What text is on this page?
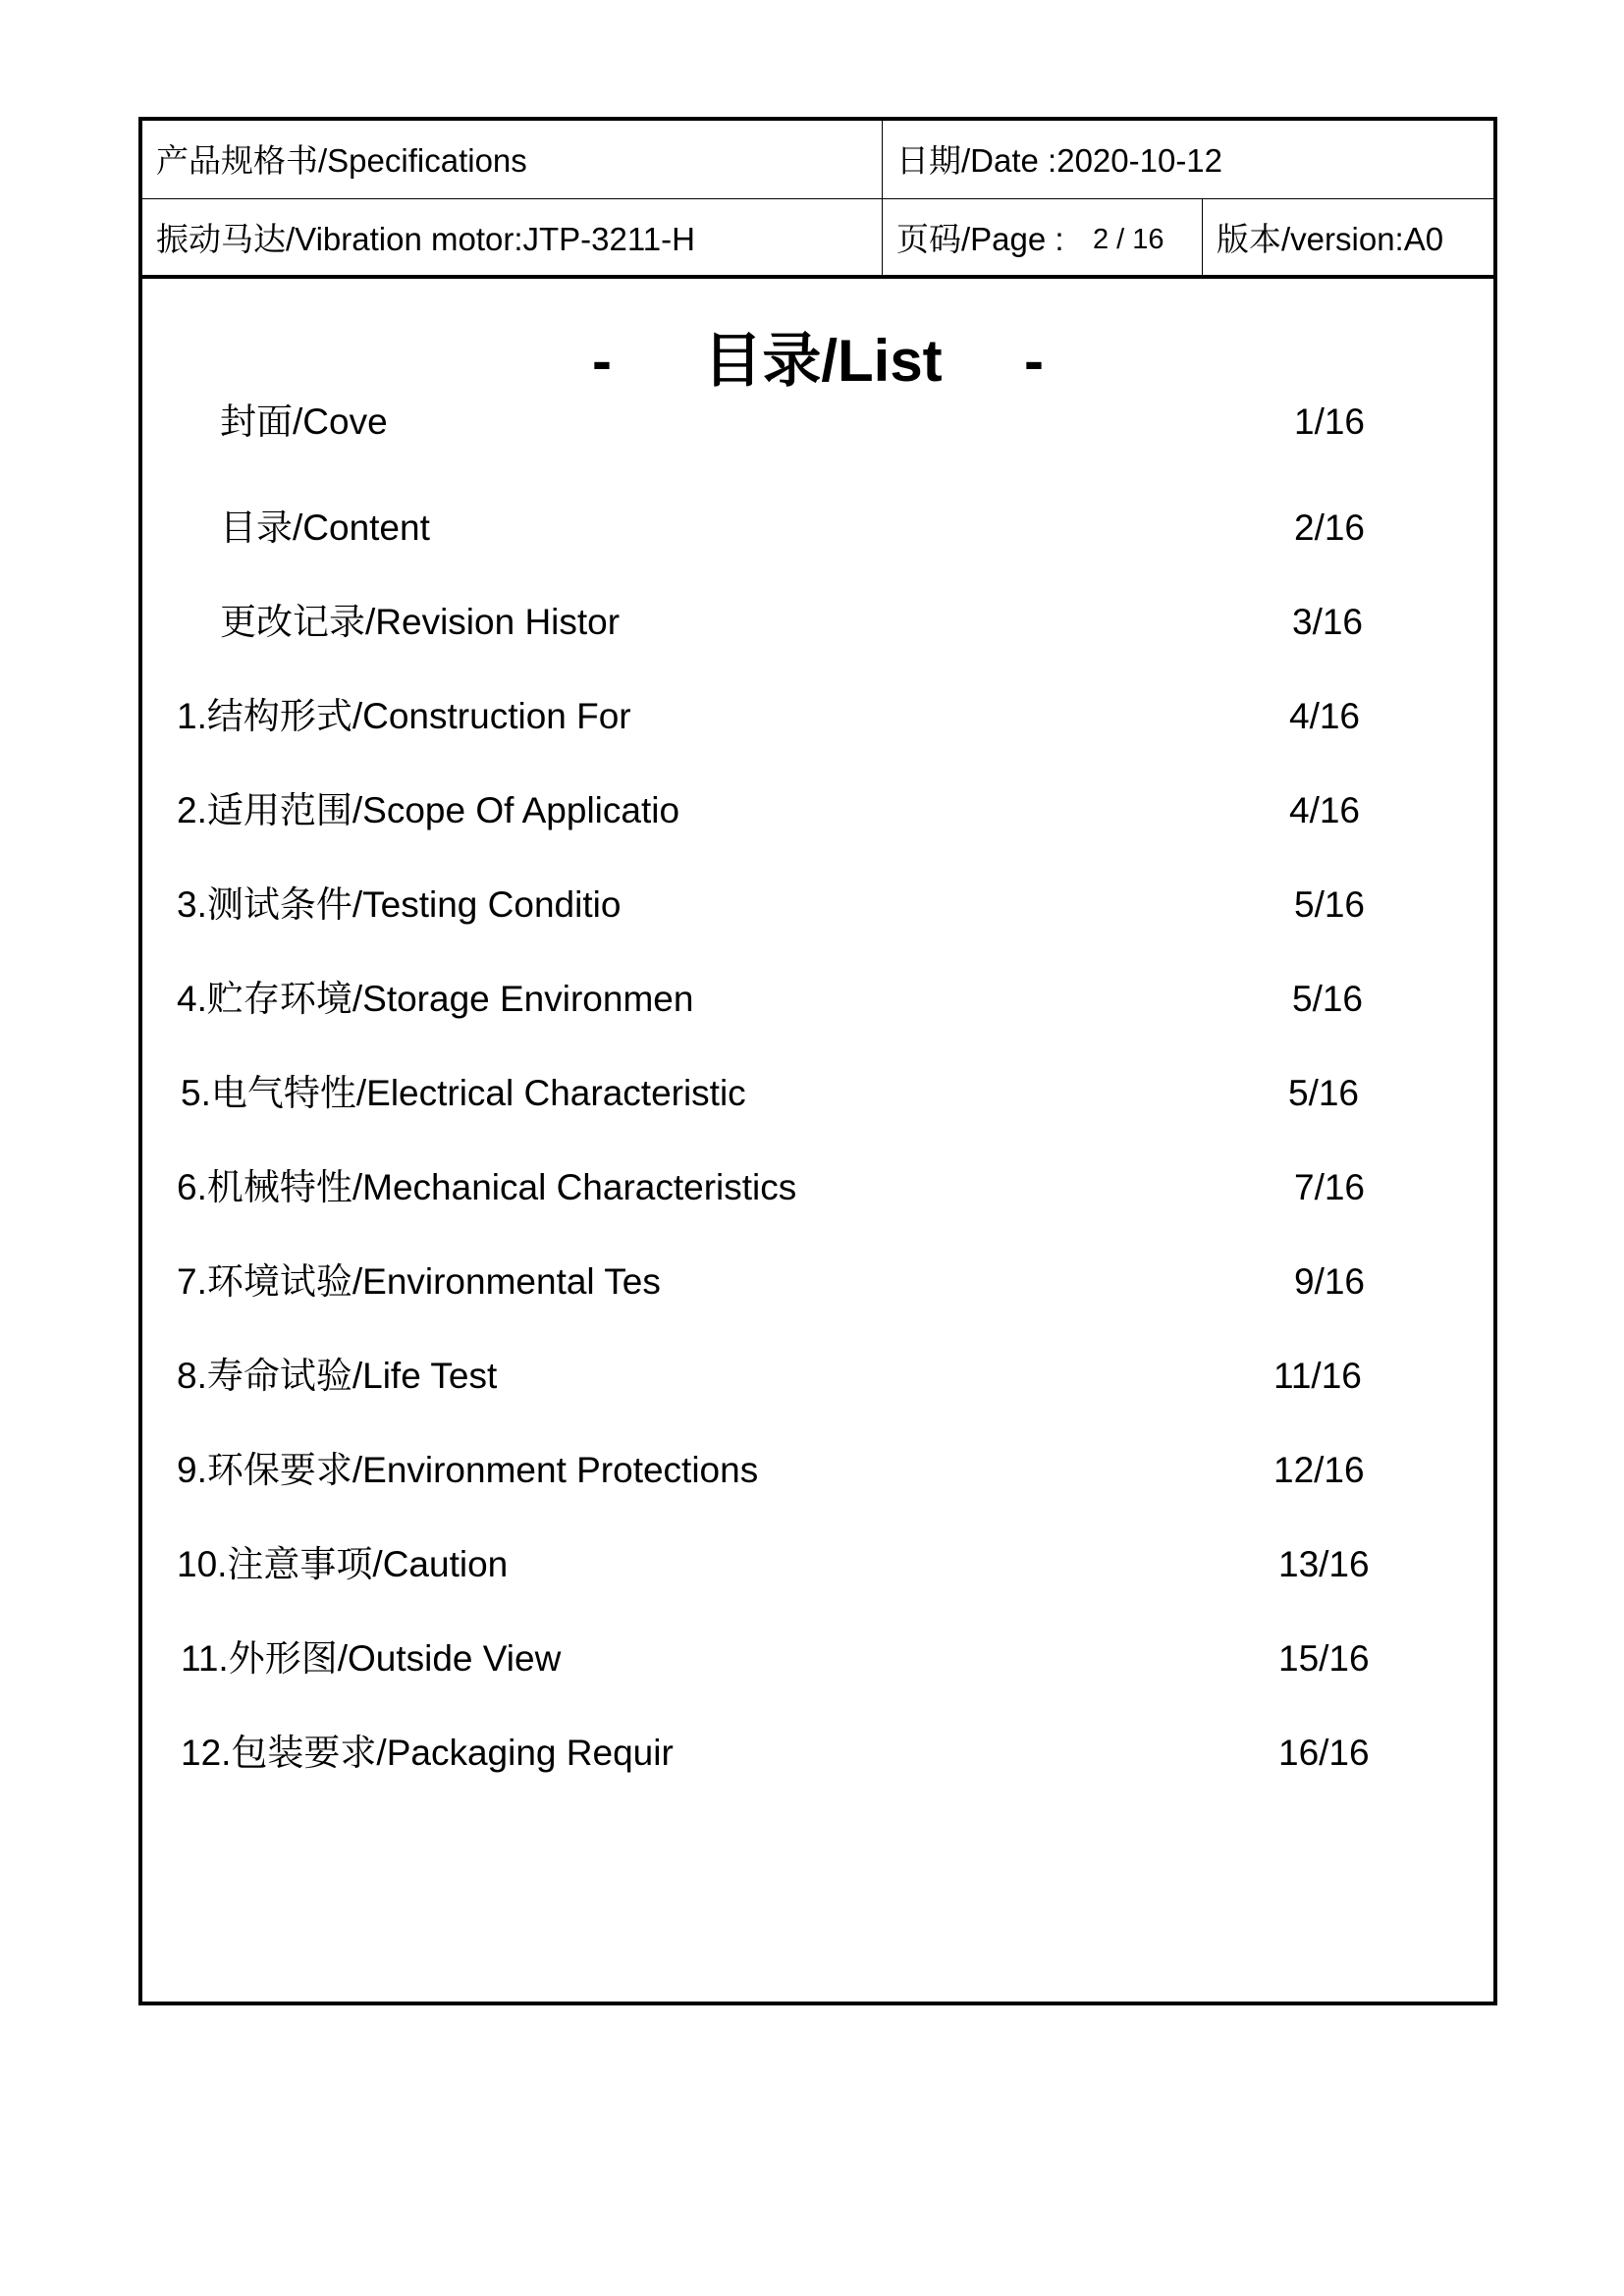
产品规格书/Specifications	日期/Date :2020-10-12
振动马达/Vibration motor:JTP-3211-H	页码/Page : 2 / 16 版本/version:A0
- 目录/List -
封面/Cove	1/16
目录/Content	2/16
更改记录/Revision Histor	3/16
1.结构形式/Construction For	4/16
2.适用范围/Scope Of Applicatio	4/16
3.测试条件/Testing Conditio	5/16
4.贮存环境/Storage Environmen	5/16
5.电气特性/Electrical Characteristic	5/16
6.机械特性/Mechanical Characteristics	7/16
7.环境试验/Environmental Tes	9/16
8.寿命试验/Life Test	11/16
9.环保要求/Environment Protections	12/16
10.注意事项/Caution	13/16
11.外形图/Outside View	15/16
12.包装要求/Packaging Requir	16/16
